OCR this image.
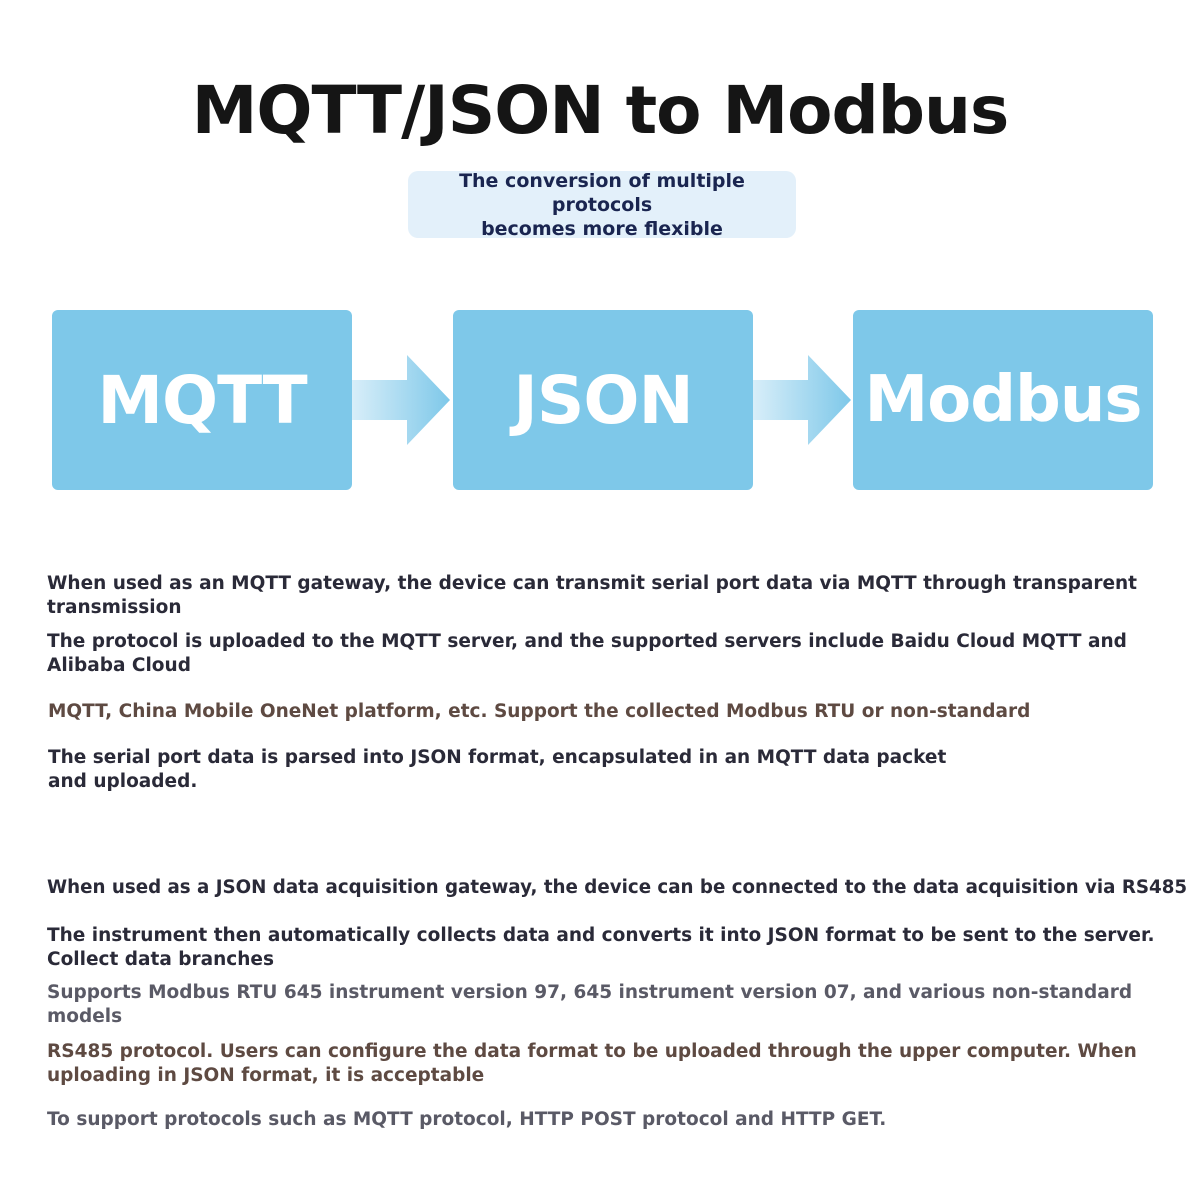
MQTT/JSON to Modbus
The conversion of multiple protocols
becomes more flexible
MQTT	JSON	Modbus
When used as an MQTT gateway, the device can transmit serial port data via MQTT through transparent
transmission
The protocol is uploaded to the MQTT server, and the supported servers include Baidu Cloud MQTT and
Alibaba Cloud
MQTT, China Mobile OneNet platform, etc. Support the collected Modbus RTU or non-standard
The serial port data is parsed into JSON format, encapsulated in an MQTT data packet
and uploaded.
When used as a JSON data acquisition gateway, the device can be connected to the data acquisition via RS485
The instrument then automatically collects data and converts it into JSON format to be sent to the server.
Collect data branches
Supports Modbus RTU 645 instrument version 97, 645 instrument version 07, and various non-standard
models
RS485 protocol. Users can configure the data format to be uploaded through the upper computer. When
uploading in JSON format, it is acceptable
To support protocols such as MQTT protocol, HTTP POST protocol and HTTP GET.
